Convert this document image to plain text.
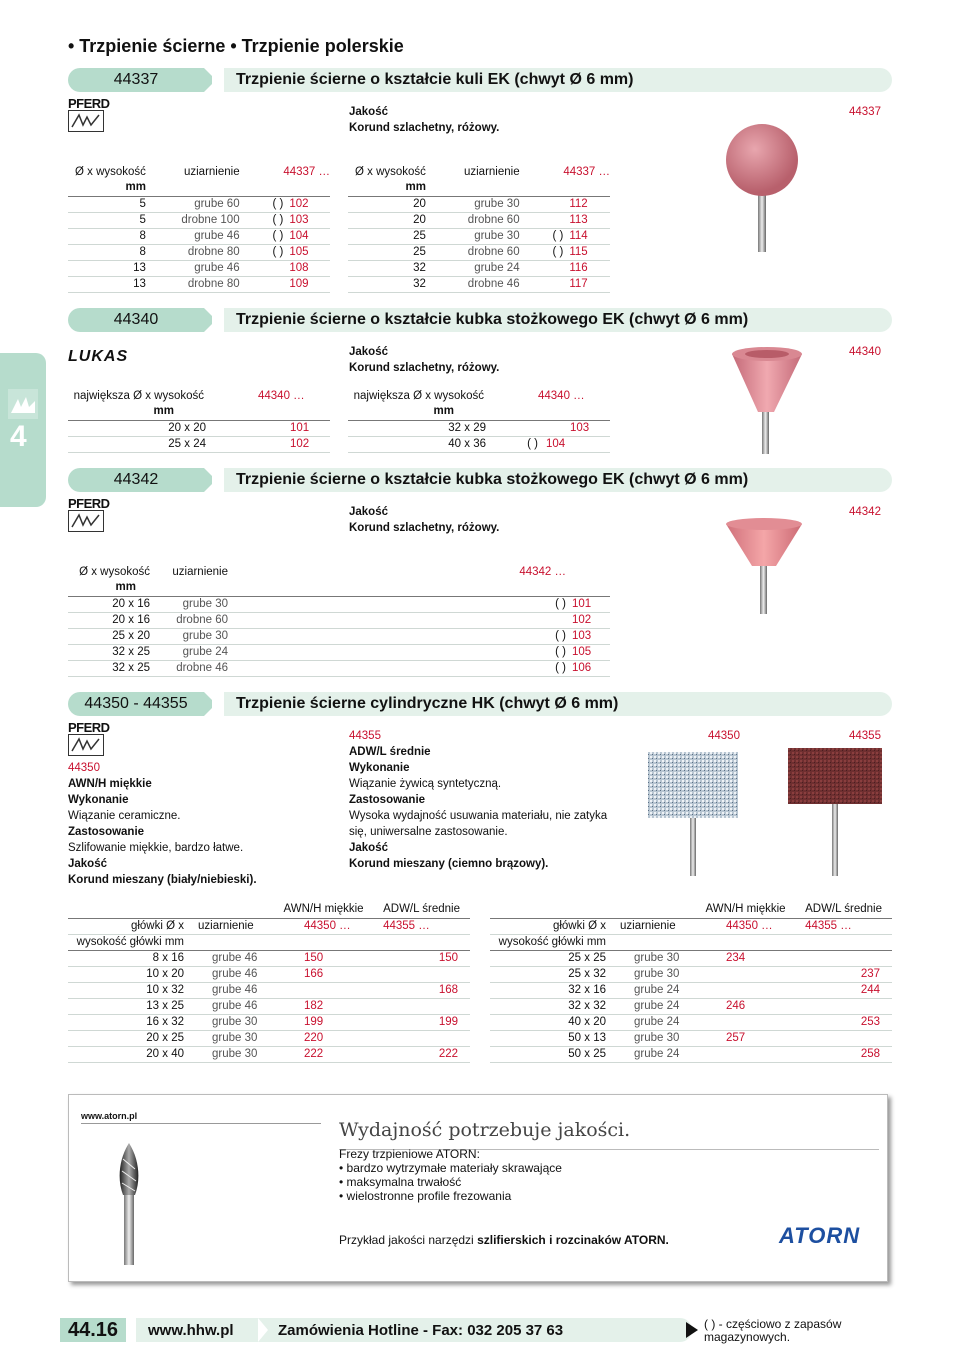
• Trzpienie ścierne • Trzpienie polerskie
4
44337	Trzpienie ścierne o kształcie kuli EK (chwyt Ø 6 mm)
PFERD
Jakość
Korund szlachetny, różowy.
44337
Ø x wysokość	uziarnienie		44337 …
mm			
5	grube 60	( )	102
5	drobne 100	( )	103
8	grube 46	( )	104
8	drobne 80	( )	105
13	grube 46		108
13	drobne 80		109
Ø x wysokość	uziarnienie		44337 …
mm			
20	grube 30		112
20	drobne 60		113
25	grube 30	( )	114
25	drobne 60	( )	115
32	grube 24		116
32	drobne 46		117
44340	Trzpienie ścierne o kształcie kubka stożkowego EK (chwyt Ø 6 mm)
LUKAS	Jakość
Korund szlachetny, różowy.
44340
największa Ø x wysokość		44340 …
mm		
20 x 20		101
25 x 24		102
największa Ø x wysokość		44340 …
mm		
32 x 29		103
40 x 36	( )	104
44342	Trzpienie ścierne o kształcie kubka stożkowego EK (chwyt Ø 6 mm)
PFERD
Jakość
Korund szlachetny, różowy.
44342
Ø x wysokość	uziarnienie	44342 …	
mm			
20 x 16	grube 30	( )	101
20 x 16	drobne 60		102
25 x 20	grube 30	( )	103
32 x 25	grube 24	( )	105
32 x 25	drobne 46	( )	106
44350 - 44355	Trzpienie ścierne cylindryczne HK (chwyt Ø 6 mm)
PFERD
44350
AWN/H miękkie
Wykonanie
Wiązanie ceramiczne.
Zastosowanie
Szlifowanie miękkie, bardzo łatwe.
Jakość
Korund mieszany (biały/niebieski).
44355
ADW/L średnie
Wykonanie
Wiązanie żywicą syntetyczną.
Zastosowanie
Wysoka wydajność usuwania materiału, nie zatyka
się, uniwersalne zastosowanie.
Jakość
Korund mieszany (ciemno brązowy).
44350	44355
		AWN/H miękkie	ADW/L średnie
główki Ø x	uziarnienie	44350 …		44355 …
wysokość główki mm				
8 x 16	grube 46	150		150
10 x 20	grube 46	166		
10 x 32	grube 46			168
13 x 25	grube 46	182		
16 x 32	grube 30	199		199
20 x 25	grube 30	220		
20 x 40	grube 30	222		222
		AWN/H miękkie	ADW/L średnie
główki Ø x	uziarnienie	44350 …		44355 …
wysokość główki mm				
25 x 25	grube 30	234		
25 x 32	grube 30			237
32 x 16	grube 24			244
32 x 32	grube 24	246		
40 x 20	grube 24			253
50 x 13	grube 30	257		
50 x 25	grube 24			258
www.atorn.pl
Wydajność potrzebuje jakości.
Frezy trzpieniowe ATORN:
• bardzo wytrzymałe materiały skrawające
• maksymalna trwałość
• wielostronne profile frezowania
Przykład jakości narzędzi szlifierskich i rozcinaków ATORN.	ATORN
44.16	www.hhw.pl	Zamówienia Hotline - Fax: 032 205 37 63	( ) - częściowo z zapasów
magazynowych.
